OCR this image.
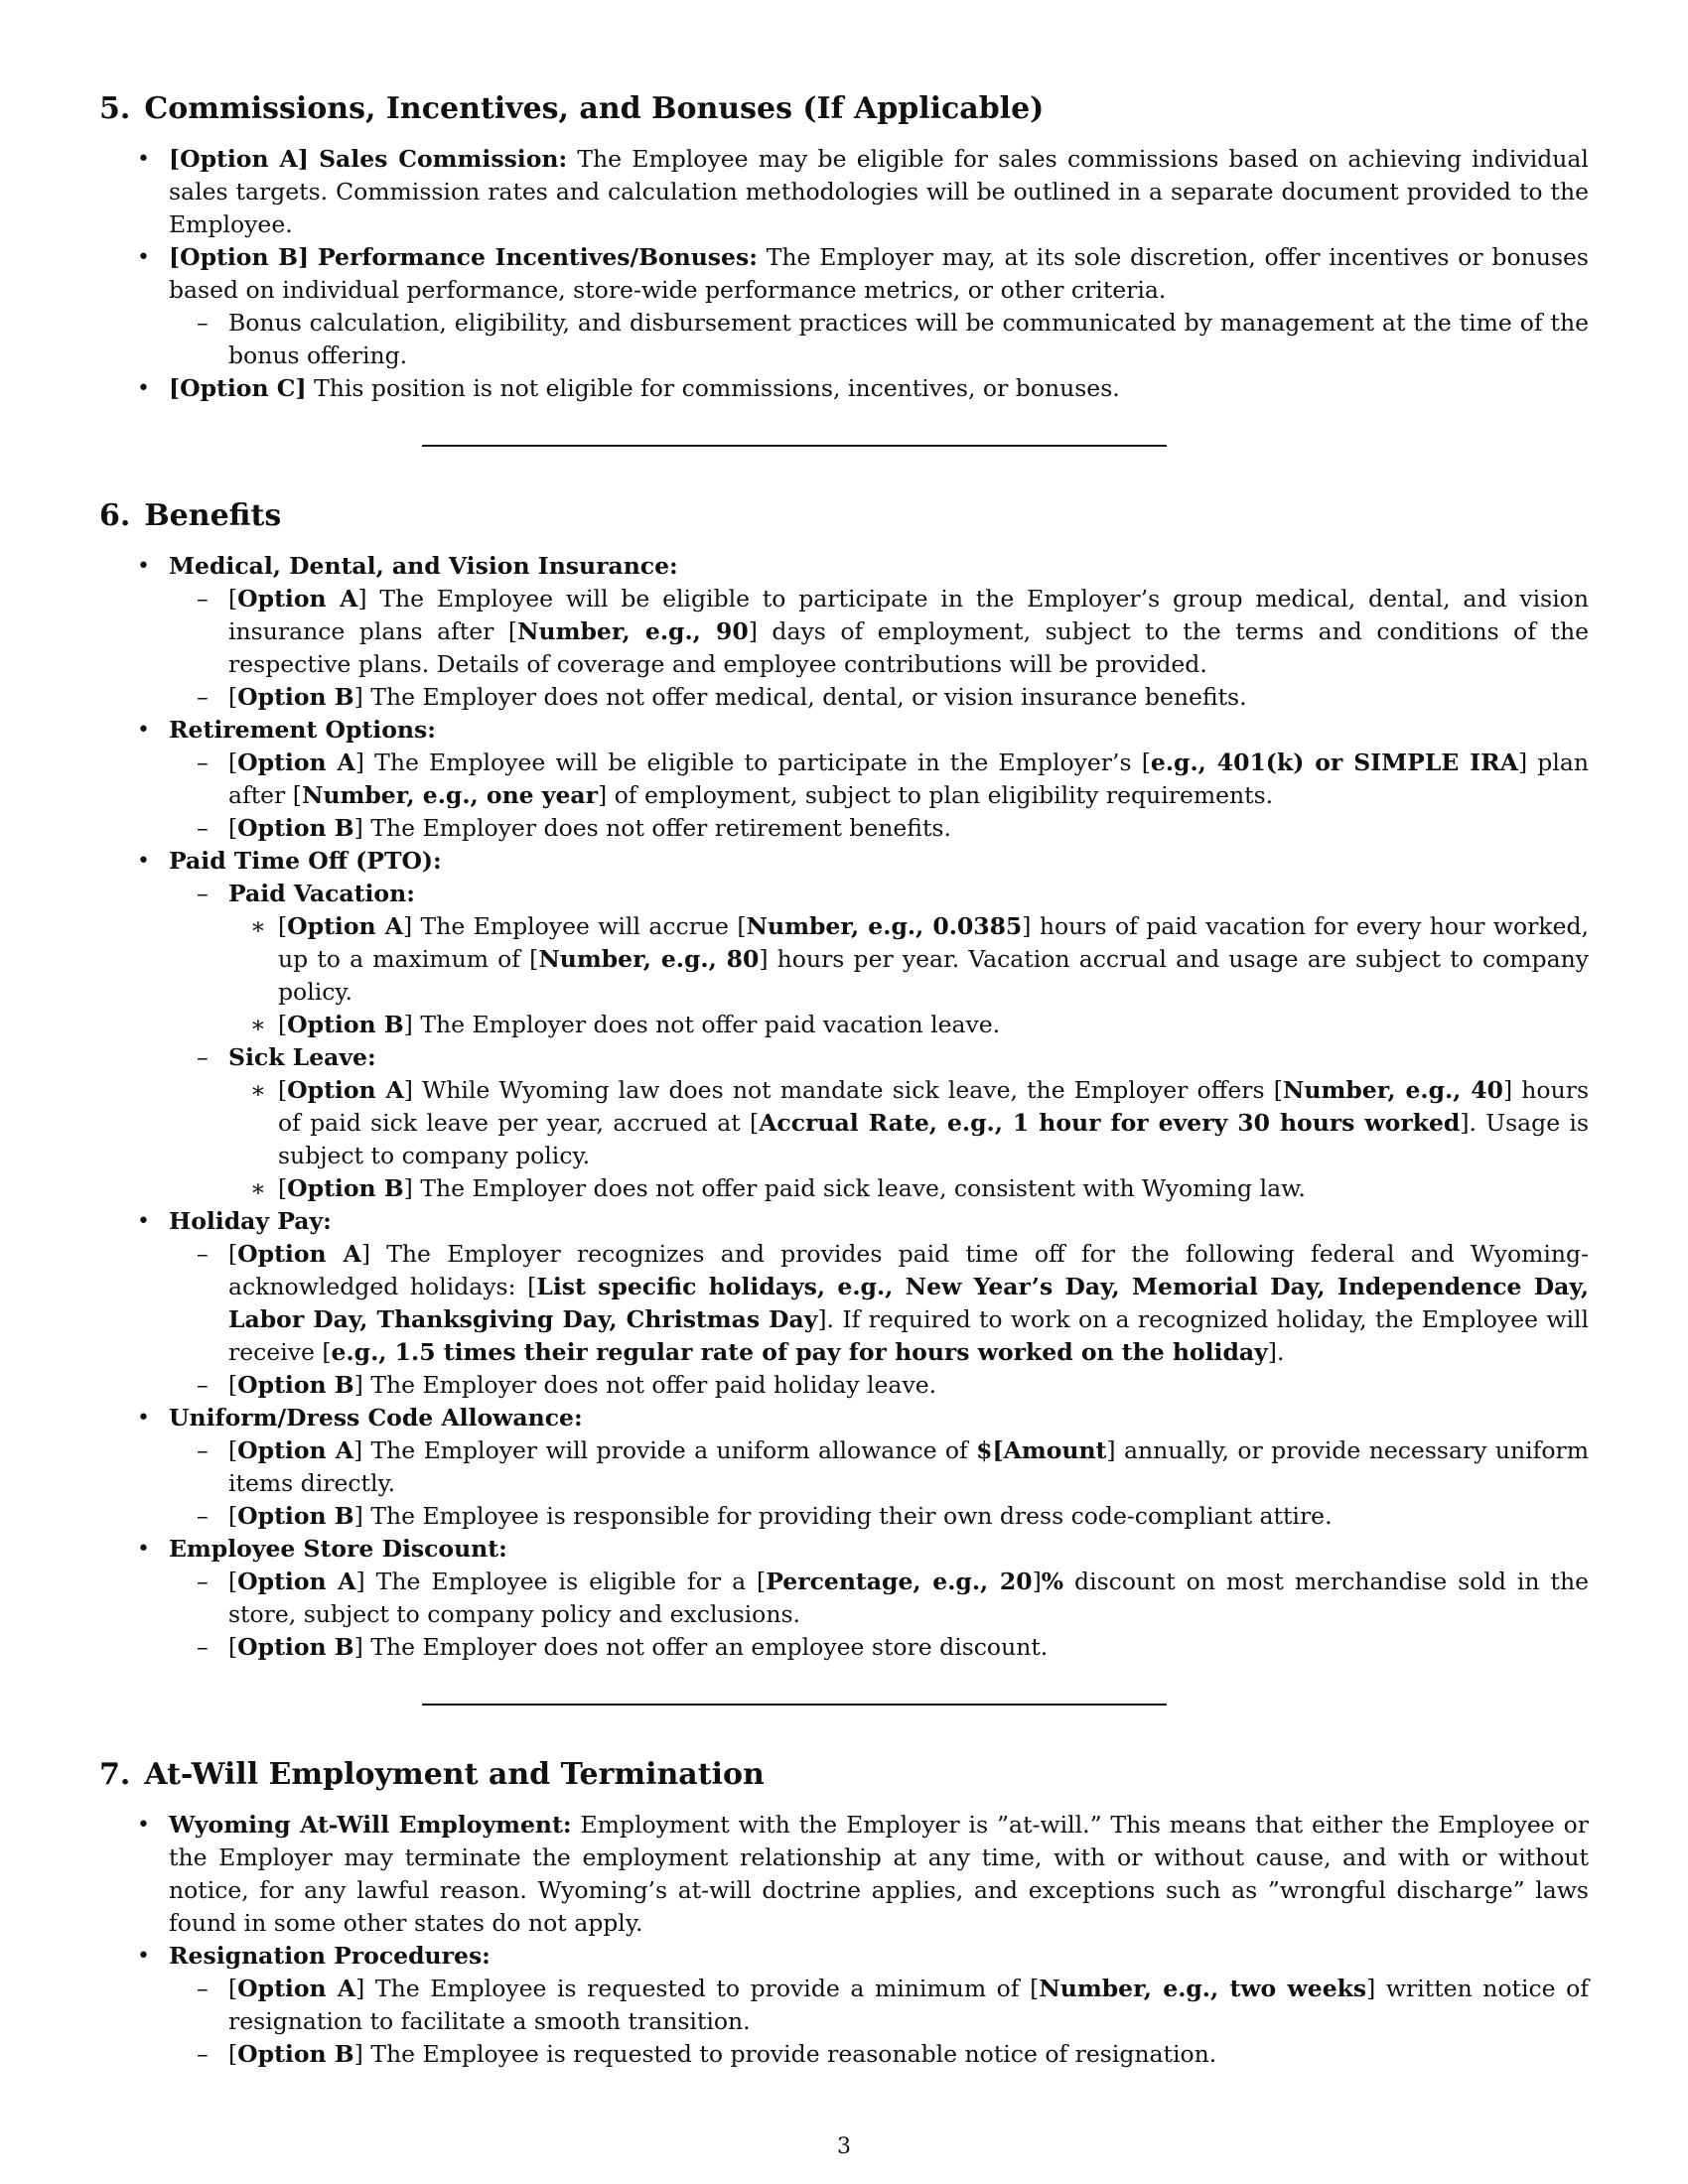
5. Commissions, Incentives, and Bonuses (If Applicable)
• [Option A] Sales Commission: The Employee may be eligible for sales commissions based on achieving individual sales targets. Commission rates and calculation methodologies will be outlined in a separate document provided to the Employee.
• [Option B] Performance Incentives/Bonuses: The Employer may, at its sole discretion, offer incentives or bonuses based on individual performance, store-wide performance metrics, or other criteria.
– Bonus calculation, eligibility, and disbursement practices will be communicated by management at the time of the bonus offering.
• [Option C] This position is not eligible for commissions, incentives, or bonuses.
6. Benefits
• Medical, Dental, and Vision Insurance:
– [Option A] The Employee will be eligible to participate in the Employer’s group medical, dental, and vision insurance plans after [Number, e.g., 90] days of employment, subject to the terms and conditions of the respective plans. Details of coverage and employee contributions will be provided.
– [Option B] The Employer does not offer medical, dental, or vision insurance benefits.
• Retirement Options:
– [Option A] The Employee will be eligible to participate in the Employer’s [e.g., 401(k) or SIMPLE IRA] plan after [Number, e.g., one year] of employment, subject to plan eligibility requirements.
– [Option B] The Employer does not offer retirement benefits.
• Paid Time Off (PTO):
– Paid Vacation:
∗ [Option A] The Employee will accrue [Number, e.g., 0.0385] hours of paid vacation for every hour worked, up to a maximum of [Number, e.g., 80] hours per year. Vacation accrual and usage are subject to company policy.
∗ [Option B] The Employer does not offer paid vacation leave.
– Sick Leave:
∗ [Option A] While Wyoming law does not mandate sick leave, the Employer offers [Number, e.g., 40] hours of paid sick leave per year, accrued at [Accrual Rate, e.g., 1 hour for every 30 hours worked]. Usage is subject to company policy.
∗ [Option B] The Employer does not offer paid sick leave, consistent with Wyoming law.
• Holiday Pay:
– [Option A] The Employer recognizes and provides paid time off for the following federal and Wyoming-acknowledged holidays: [List specific holidays, e.g., New Year’s Day, Memorial Day, Independence Day, Labor Day, Thanksgiving Day, Christmas Day]. If required to work on a recognized holiday, the Employee will receive [e.g., 1.5 times their regular rate of pay for hours worked on the holiday].
– [Option B] The Employer does not offer paid holiday leave.
• Uniform/Dress Code Allowance:
– [Option A] The Employer will provide a uniform allowance of $[Amount] annually, or provide necessary uniform items directly.
– [Option B] The Employee is responsible for providing their own dress code-compliant attire.
• Employee Store Discount:
– [Option A] The Employee is eligible for a [Percentage, e.g., 20]% discount on most merchandise sold in the store, subject to company policy and exclusions.
– [Option B] The Employer does not offer an employee store discount.
7. At-Will Employment and Termination
• Wyoming At-Will Employment: Employment with the Employer is ”at-will.” This means that either the Employee or the Employer may terminate the employment relationship at any time, with or without cause, and with or without notice, for any lawful reason. Wyoming’s at-will doctrine applies, and exceptions such as ”wrongful discharge” laws found in some other states do not apply.
• Resignation Procedures:
– [Option A] The Employee is requested to provide a minimum of [Number, e.g., two weeks] written notice of resignation to facilitate a smooth transition.
– [Option B] The Employee is requested to provide reasonable notice of resignation.
3
